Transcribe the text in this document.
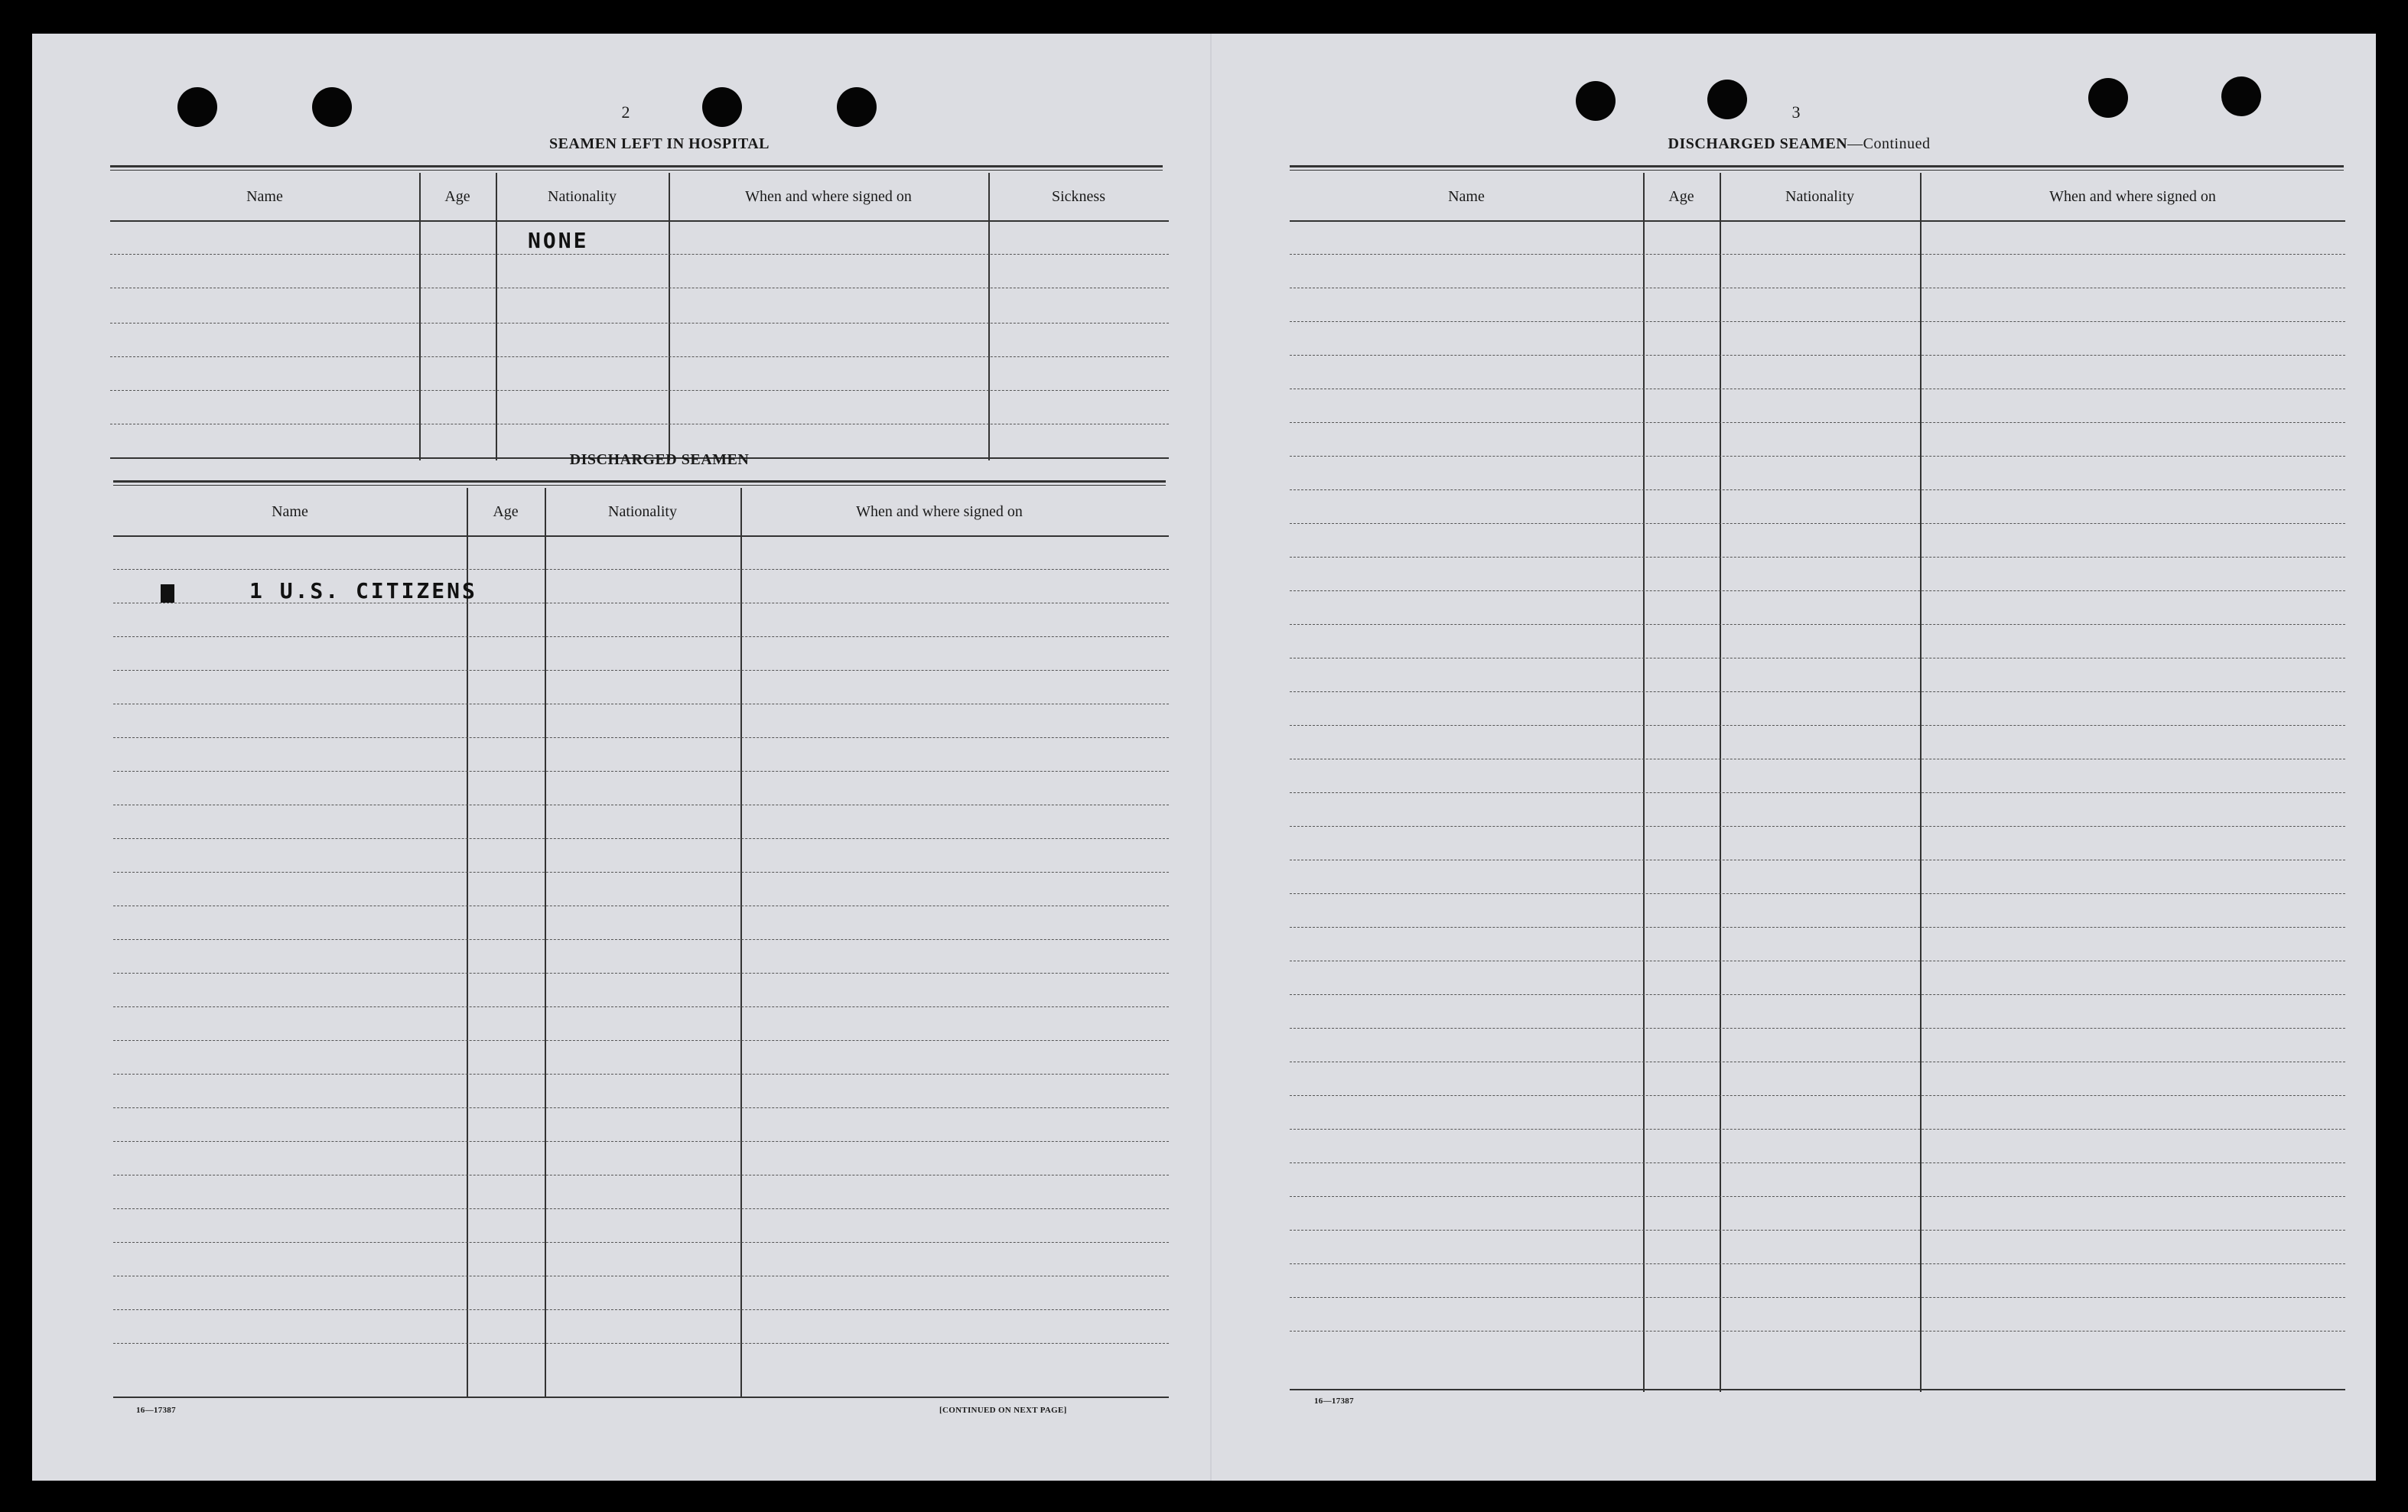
2
SEAMEN LEFT IN HOSPITAL
Name	Age	Nationality	When and where signed on	Sickness
NONE
DISCHARGED SEAMEN
Name	Age	Nationality	When and where signed on
1 U.S. CITIZENS
16—17387	[CONTINUED ON NEXT PAGE]
3
DISCHARGED SEAMEN—Continued
Name	Age	Nationality	When and where signed on
16—17387
